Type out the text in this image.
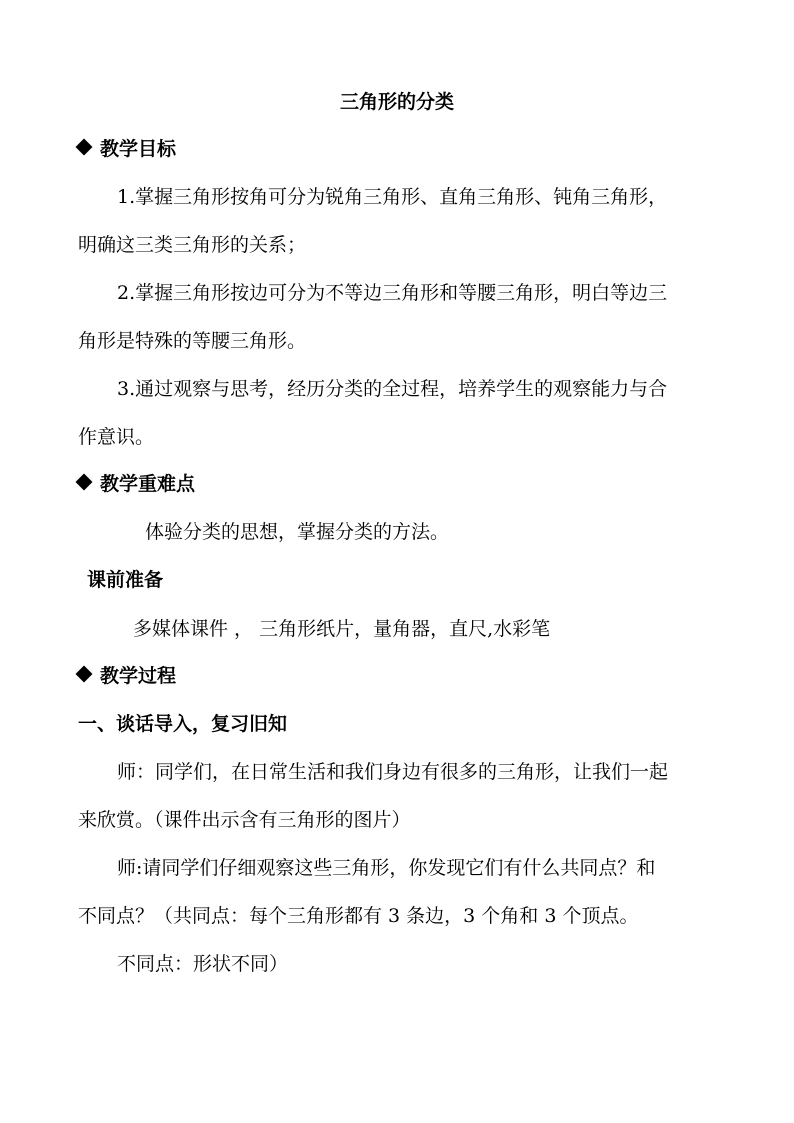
三角形的分类
教学目标
1.掌握三角形按角可分为锐角三角形、直角三角形、钝角三角形，
明确这三类三角形的关系；
2.掌握三角形按边可分为不等边三角形和等腰三角形，明白等边三
角形是特殊的等腰三角形。
3.通过观察与思考，经历分类的全过程，培养学生的观察能力与合
作意识。
教学重难点
体验分类的思想，掌握分类的方法。
课前准备
多媒体课件 ， 三角形纸片，量角器，直尺,水彩笔
教学过程
一、谈话导入，复习旧知
师：同学们，在日常生活和我们身边有很多的三角形，让我们一起
来欣赏。（课件出示含有三角形的图片）
师:请同学们仔细观察这些三角形，你发现它们有什么共同点？和
不同点？（共同点：每个三角形都有 3 条边，3 个角和 3 个顶点。
不同点：形状不同）
